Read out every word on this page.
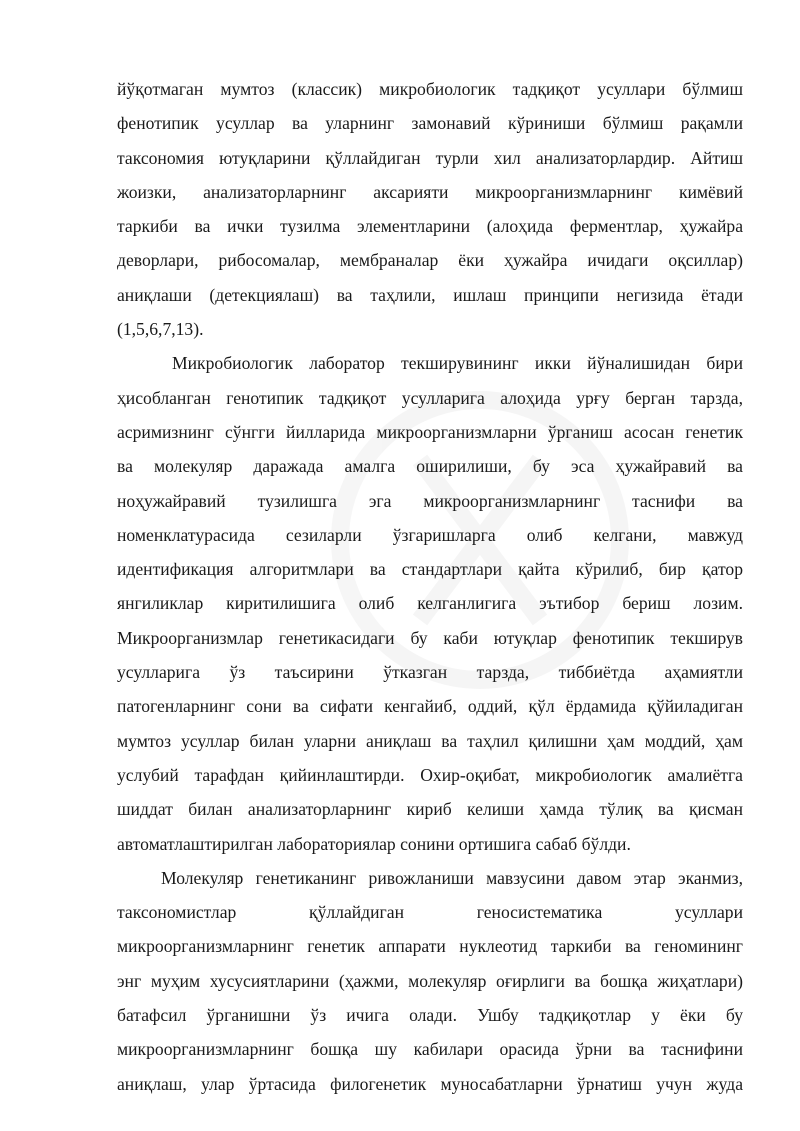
йўқотмаган мумтоз (классик) микробиологик тадқиқот усуллари бўлмиш
фенотипик усуллар ва уларнинг замонавий кўриниши бўлмиш рақамли
таксономия ютуқларини қўллайдиган турли хил анализаторлардир. Айтиш
жоизки, анализаторларнинг аксарияти микроорганизмларнинг кимёвий
таркиби ва ички тузилма элементларини (алоҳида ферментлар, ҳужайра
деворлари, рибосомалар, мембраналар ёки ҳужайра ичидаги оқсиллар)
аниқлаши (детекциялаш) ва таҳлили, ишлаш принципи негизида ётади
(1,5,6,7,13).
Микробиологик лаборатор текширувининг икки йўналишидан бири
ҳисобланган генотипик тадқиқот усулларига алоҳида урғу берган тарзда,
асримизнинг сўнгги йилларида микроорганизмларни ўрганиш асосан генетик
ва молекуляр даражада амалга оширилиши, бу эса ҳужайравий ва
ноҳужайравий тузилишга эга микроорганизмларнинг таснифи ва
номенклатурасида сезиларли ўзгаришларга олиб келгани, мавжуд
идентификация алгоритмлари ва стандартлари қайта кўрилиб, бир қатор
янгиликлар киритилишига олиб келганлигига эътибор бериш лозим.
Микроорганизмлар генетикасидаги бу каби ютуқлар фенотипик текширув
усулларига ўз таъсирини ўтказган тарзда, тиббиётда аҳамиятли
патогенларнинг сони ва сифати кенгайиб, оддий, қўл ёрдамида қўйиладиган
мумтоз усуллар билан уларни аниқлаш ва таҳлил қилишни ҳам моддий, ҳам
услубий тарафдан қийинлаштирди. Охир-оқибат, микробиологик амалиётга
шиддат билан анализаторларнинг кириб келиши ҳамда тўлиқ ва қисман
автоматлаштирилган лабораториялар сонини ортишига сабаб бўлди.
Молекуляр генетиканинг ривожланиши мавзусини давом этар эканмиз,
таксономистлар қўллайдиган геносистематика усуллари
микроорганизмларнинг генетик аппарати нуклеотид таркиби ва геномининг
энг муҳим хусусиятларини (ҳажми, молекуляр оғирлиги ва бошқа жиҳатлари)
батафсил ўрганишни ўз ичига олади. Ушбу тадқиқотлар у ёки бу
микроорганизмларнинг бошқа шу кабилари орасида ўрни ва таснифини
аниқлаш, улар ўртасида филогенетик муносабатларни ўрнатиш учун жуда
